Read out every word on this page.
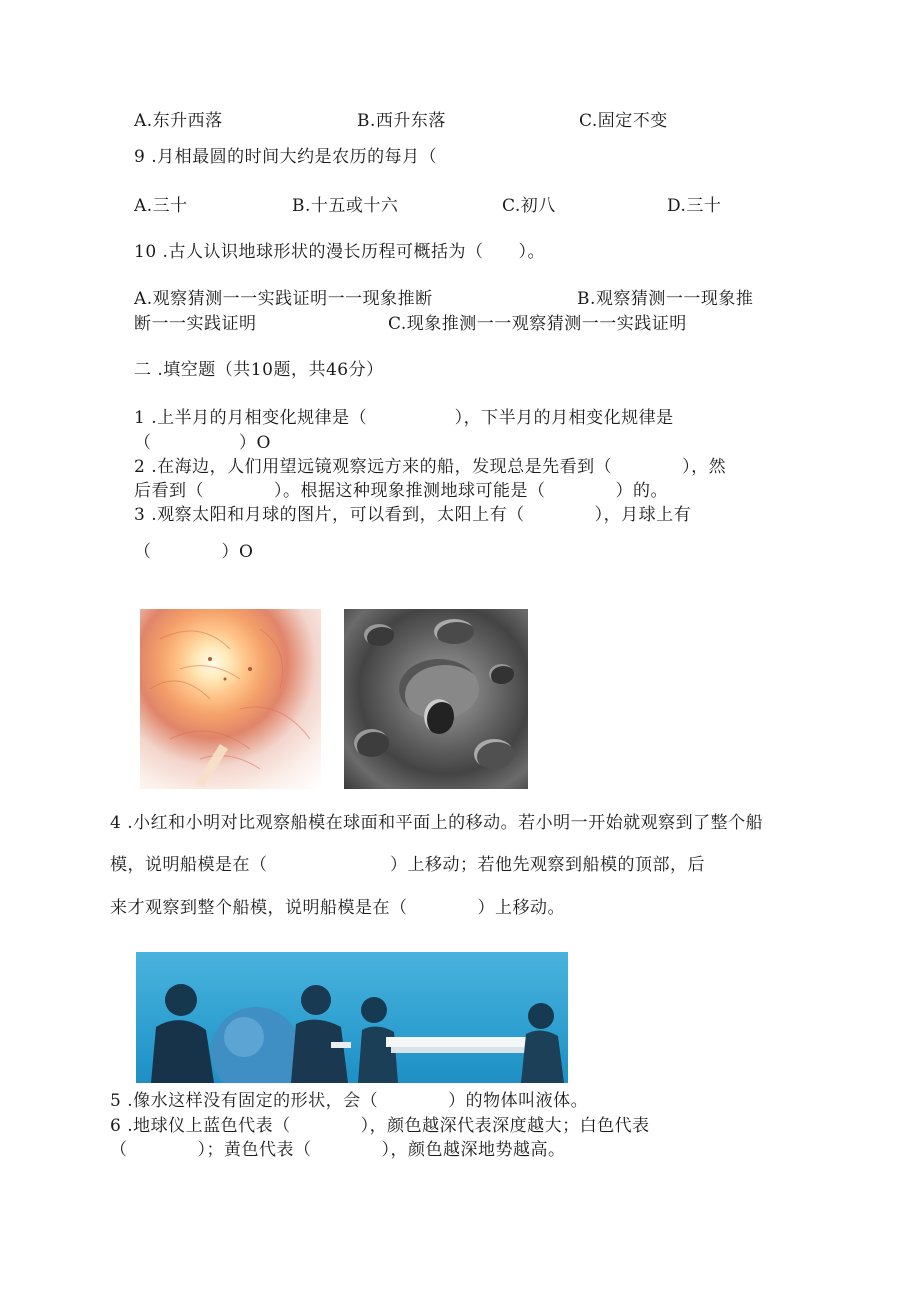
A.东升西落	B.西升东落	C.固定不变
9 .月相最圆的时间大约是农历的每月（
A.三十	B.十五或十六	C.初八	D.三十
10 .古人认识地球形状的漫长历程可概括为（　　）。
A.观察猜测一一实践证明一一现象推断	B.观察猜测一一现象推
断一一实践证明	C.现象推测一一观察猜测一一实践证明
二 .填空题（共10题，共46分）
1 .上半月的月相变化规律是（　　　　　），下半月的月相变化规律是
（　　　　　）O
2 .在海边，人们用望远镜观察远方来的船，发现总是先看到（　　　　），然
后看到（　　　　）。根据这种现象推测地球可能是（　　　　）的。
3 .观察太阳和月球的图片，可以看到，太阳上有（　　　　），月球上有
（　　　　）O
4 .小红和小明对比观察船模在球面和平面上的移动。若小明一开始就观察到了整个船
模，说明船模是在（　　　　　　　）上移动；若他先观察到船模的顶部，后
来才观察到整个船模，说明船模是在（　　　　）上移动。
5 .像水这样没有固定的形状，会（　　　　）的物体叫液体。
6 .地球仪上蓝色代表（　　　　），颜色越深代表深度越大；白色代表
（　　　　）；黄色代表（　　　　），颜色越深地势越高。
